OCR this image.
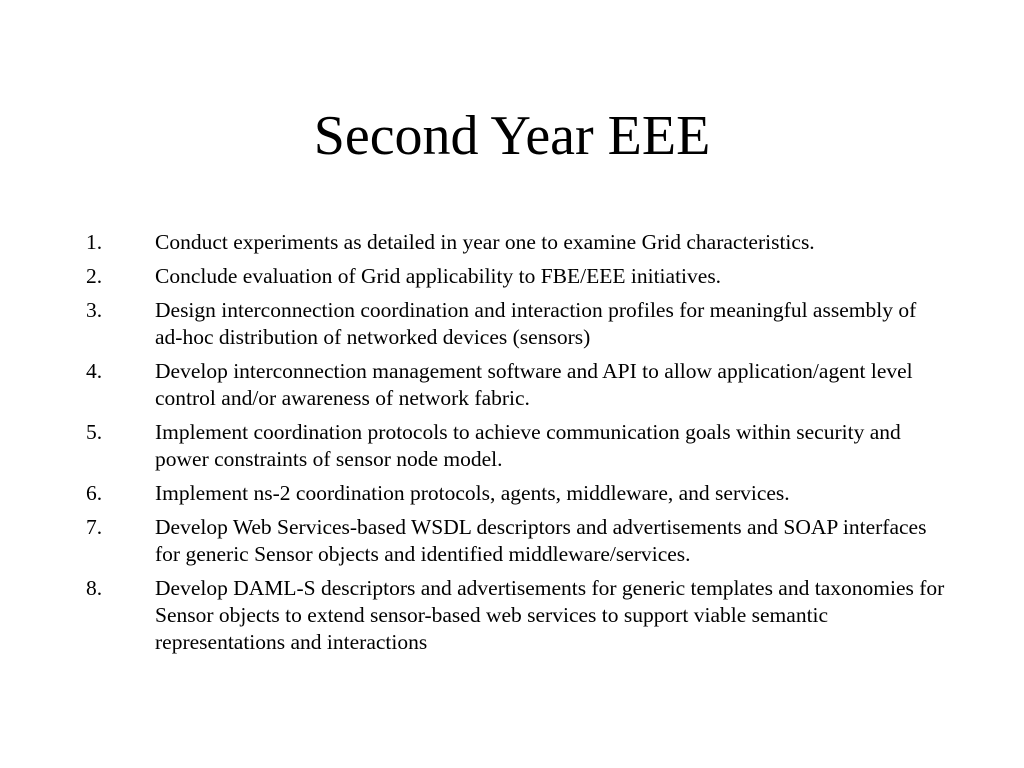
Second Year EEE
1. Conduct experiments as detailed in year one to examine Grid characteristics.
2. Conclude evaluation of Grid applicability to FBE/EEE initiatives.
3. Design interconnection coordination and interaction profiles for meaningful assembly of ad-hoc distribution of networked devices (sensors)
4. Develop interconnection management software and API to allow application/agent level control and/or awareness of network fabric.
5. Implement coordination protocols to achieve communication goals within security and power constraints of sensor node model.
6. Implement ns-2 coordination protocols, agents, middleware, and services.
7. Develop Web Services-based WSDL descriptors and advertisements and SOAP interfaces for generic Sensor objects and identified middleware/services.
8. Develop DAML-S descriptors and advertisements for generic templates and taxonomies for Sensor objects to extend sensor-based web services to support viable semantic representations and interactions
